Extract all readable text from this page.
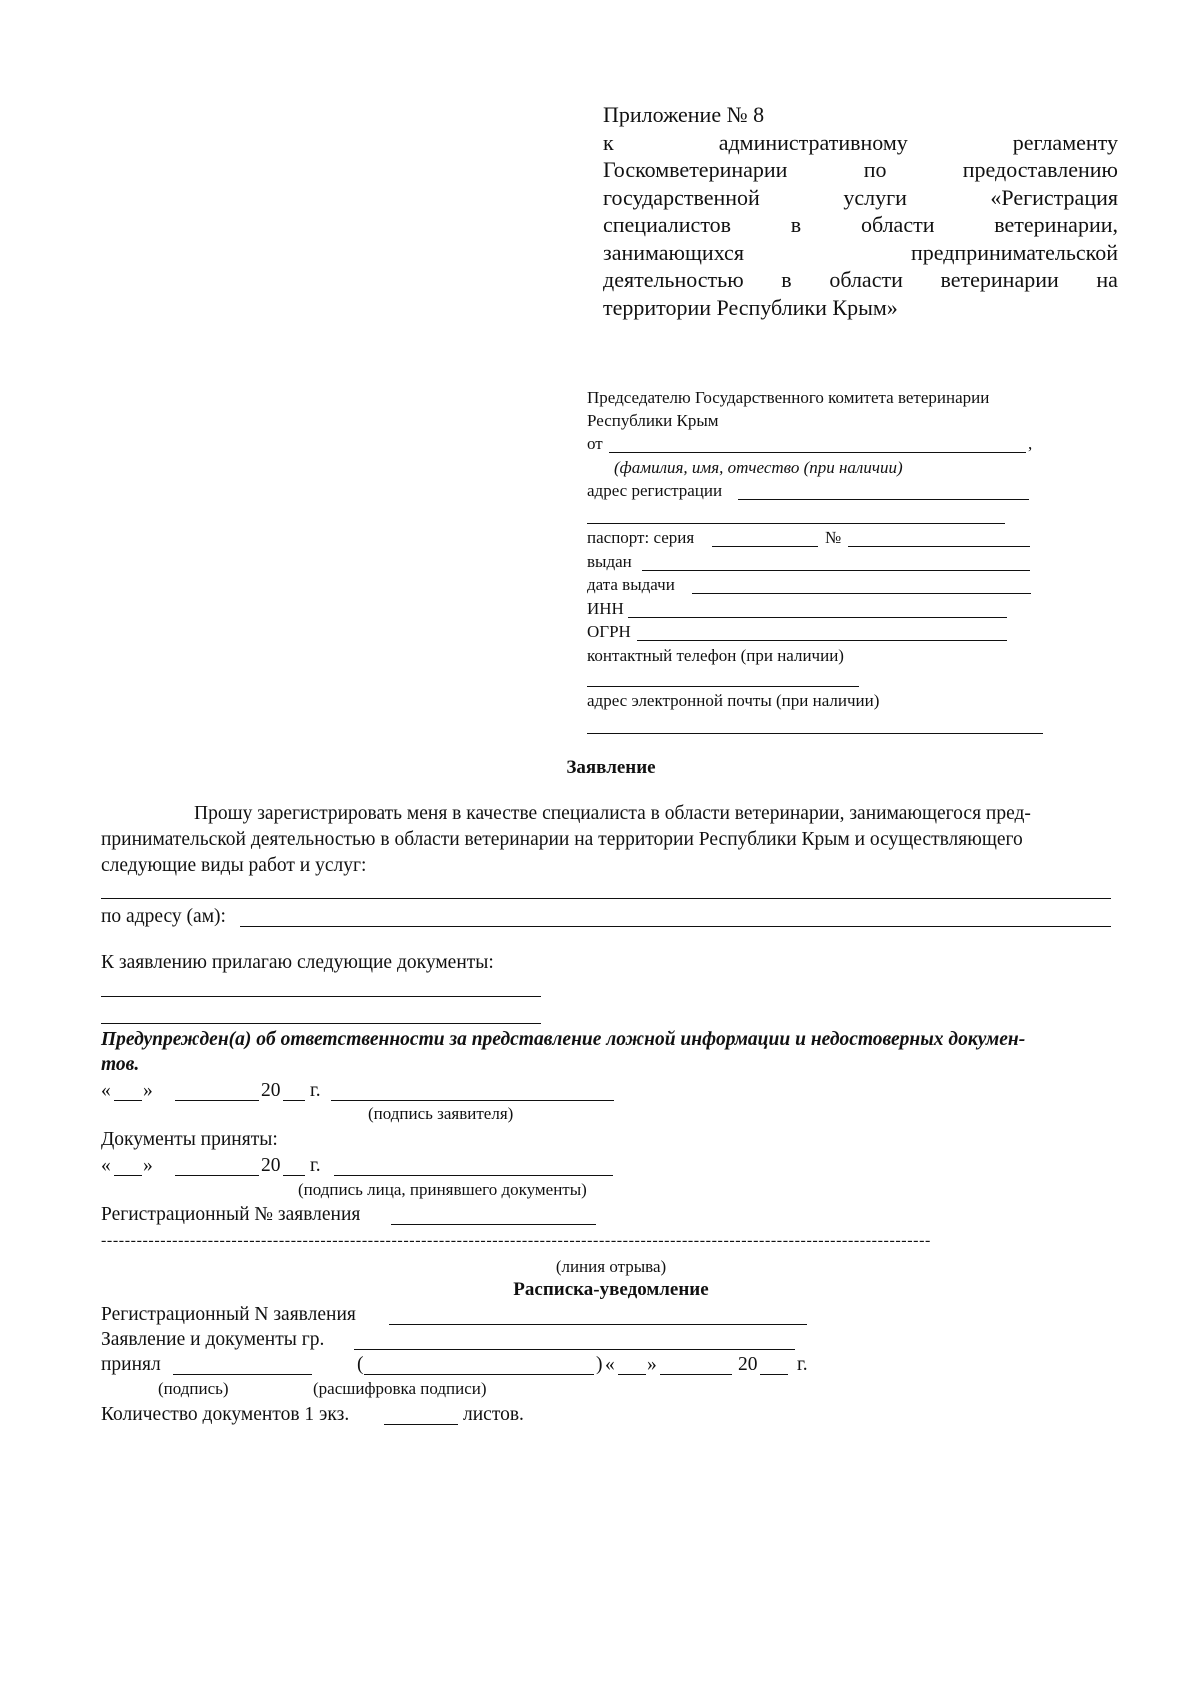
Приложение № 8
к	административному	регламенту
Госкомветеринарии	по	предоставлению
государственной	услуги	«Регистрация
специалистов	в	области	ветеринарии,
занимающихся	предпринимательской
деятельностью в области ветеринарии на
территории Республики Крым»
Председателю Государственного комитета ветеринарии
Республики Крым
от	,
(фамилия, имя, отчество (при наличии)
адрес регистрации
паспорт: серия	№
выдан
дата выдачи
ИНН
ОГРН
контактный телефон (при наличии)
адрес электронной почты (при наличии)
Заявление
Прошу зарегистрировать меня в качестве специалиста в области ветеринарии, занимающегося пред-
принимательской деятельностью в области ветеринарии на территории Республики Крым и осуществляющего
следующие виды работ и услуг:
по адресу (ам):
К заявлению прилагаю следующие документы:
Предупрежден(а) об ответственности за представление ложной информации и недостоверных докумен-
тов.
« »	20 г.
(подпись заявителя)
Документы приняты:
« »	20 г.
(подпись лица, принявшего документы)
Регистрационный № заявления
--------------------------------------------------------------------------------------------------------------------------------------------
(линия отрыва)
Расписка-уведомление
Регистрационный N заявления
Заявление и документы гр.
принял	(	) « »	20 г.
(подпись)	(расшифровка подписи)
Количество документов 1 экз.	листов.
